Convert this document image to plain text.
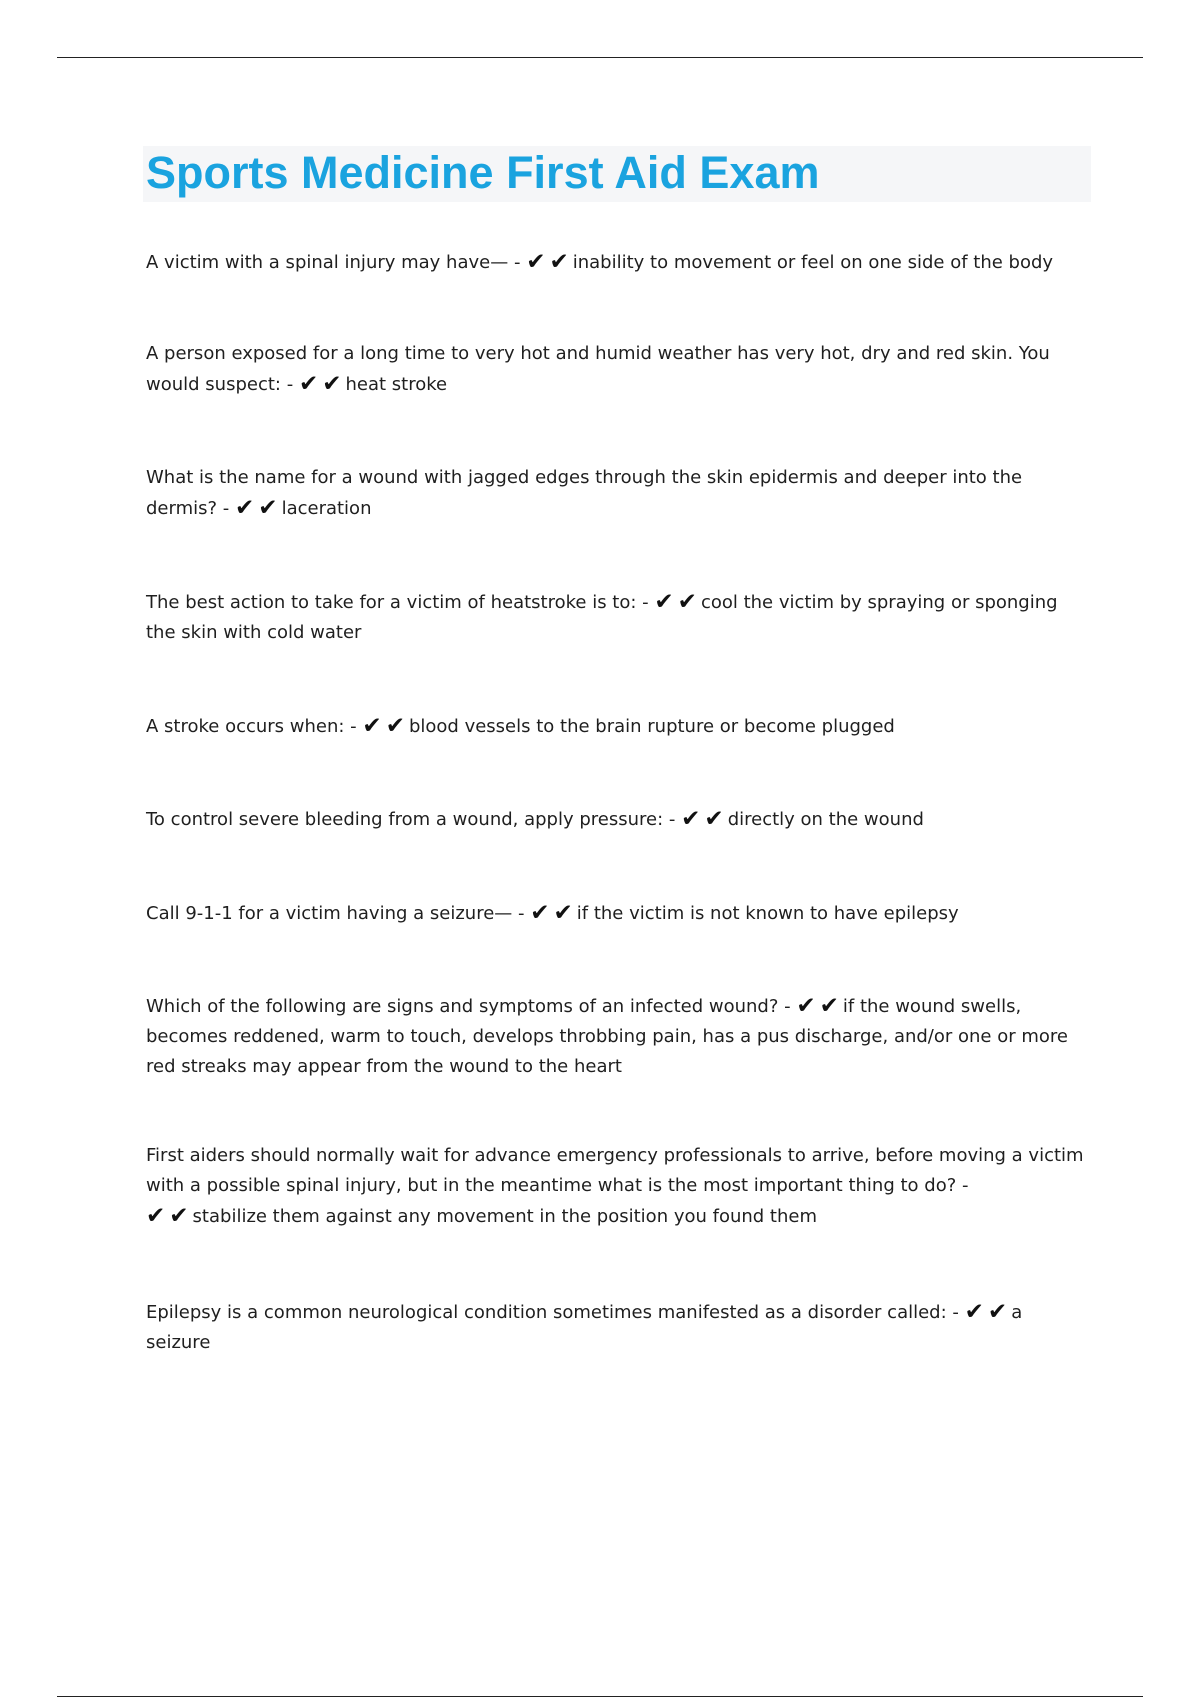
Sports Medicine First Aid Exam

A victim with a spinal injury may have— - ✔✔inability to movement or feel on one side of the body

A person exposed for a long time to very hot and humid weather has very hot, dry and red skin. You would suspect: - ✔✔heat stroke

What is the name for a wound with jagged edges through the skin epidermis and deeper into the dermis? - ✔✔laceration

The best action to take for a victim of heatstroke is to: - ✔✔cool the victim by spraying or sponging the skin with cold water

A stroke occurs when: - ✔✔blood vessels to the brain rupture or become plugged

To control severe bleeding from a wound, apply pressure: - ✔✔directly on the wound

Call 9-1-1 for a victim having a seizure— - ✔✔if the victim is not known to have epilepsy

Which of the following are signs and symptoms of an infected wound? - ✔✔if the wound swells, becomes reddened, warm to touch, develops throbbing pain, has a pus discharge, and/or one or more red streaks may appear from the wound to the heart

First aiders should normally wait for advance emergency professionals to arrive, before moving a victim with a possible spinal injury, but in the meantime what is the most important thing to do? - ✔✔stabilize them against any movement in the position you found them

Epilepsy is a common neurological condition sometimes manifested as a disorder called: - ✔✔a seizure
